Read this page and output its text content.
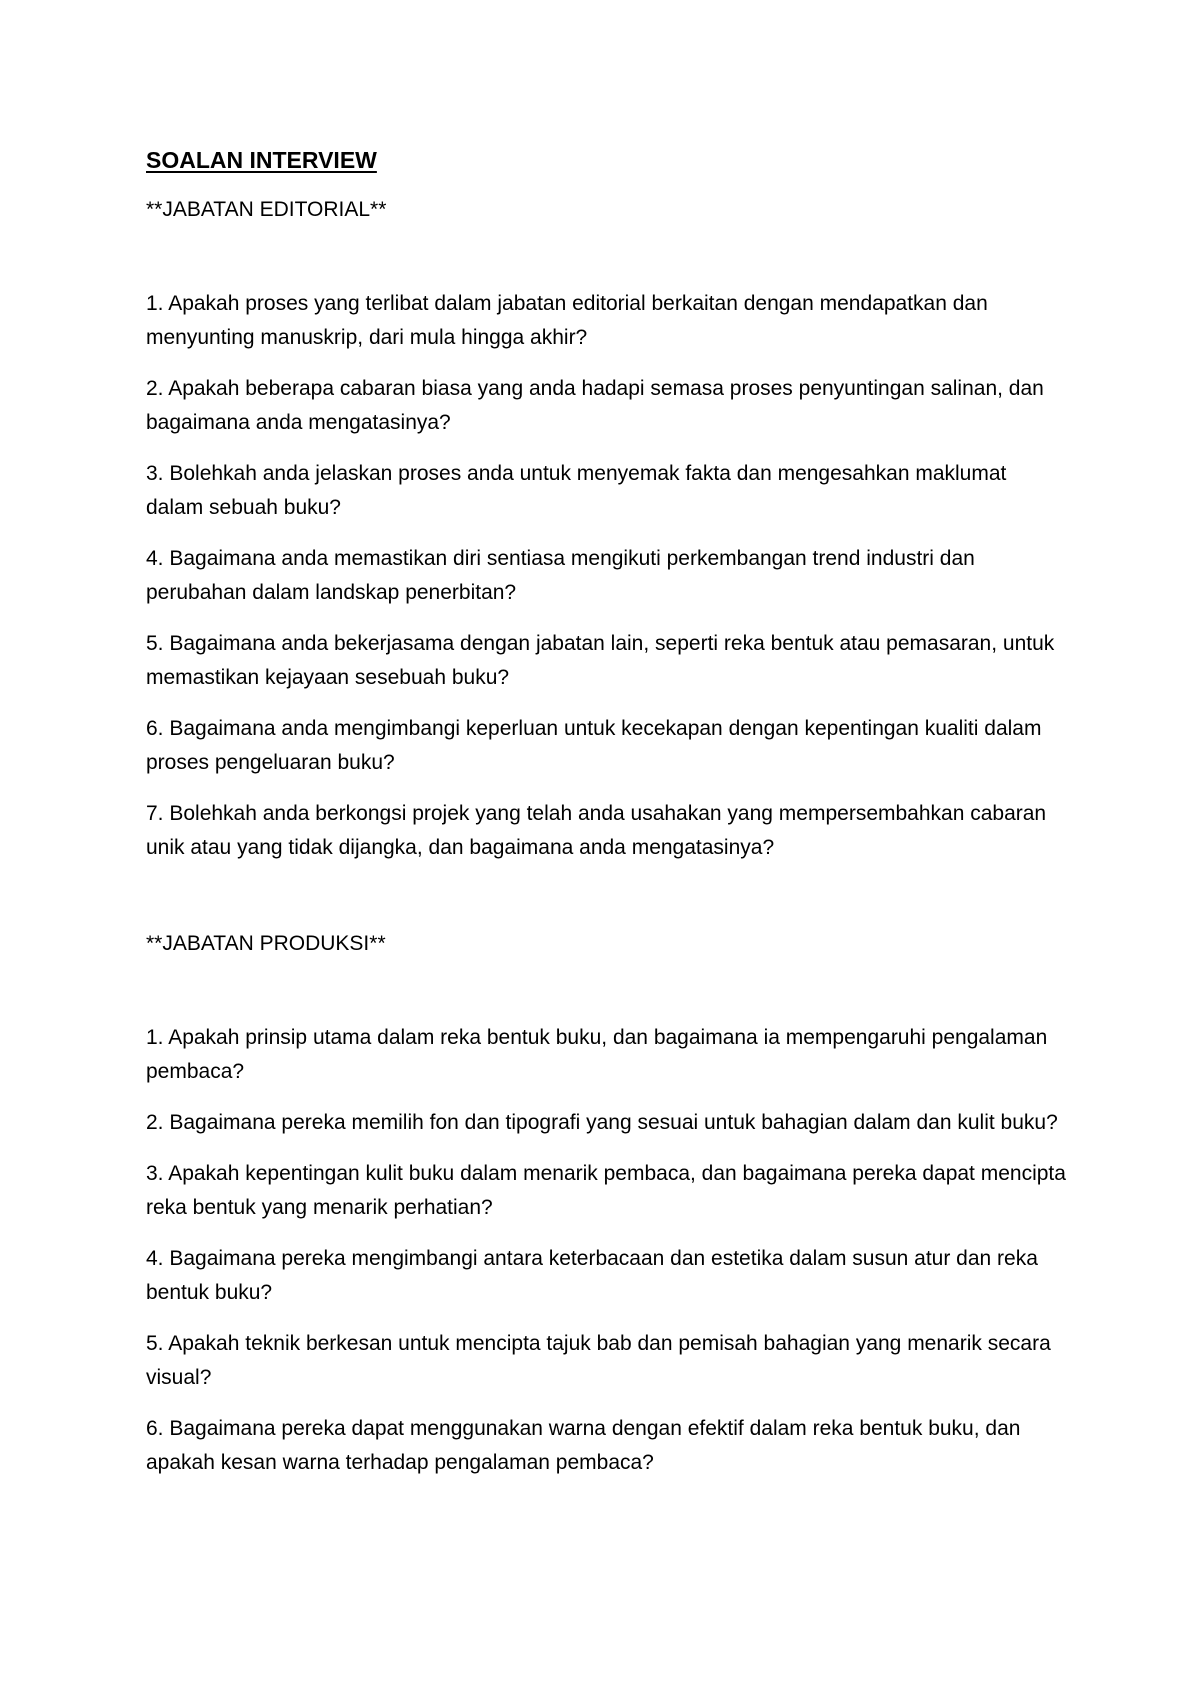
SOALAN INTERVIEW

**JABATAN EDITORIAL**

1. Apakah proses yang terlibat dalam jabatan editorial berkaitan dengan mendapatkan dan menyunting manuskrip, dari mula hingga akhir?

2. Apakah beberapa cabaran biasa yang anda hadapi semasa proses penyuntingan salinan, dan bagaimana anda mengatasinya?

3. Bolehkah anda jelaskan proses anda untuk menyemak fakta dan mengesahkan maklumat dalam sebuah buku?

4. Bagaimana anda memastikan diri sentiasa mengikuti perkembangan trend industri dan perubahan dalam landskap penerbitan?

5. Bagaimana anda bekerjasama dengan jabatan lain, seperti reka bentuk atau pemasaran, untuk memastikan kejayaan sesebuah buku?

6. Bagaimana anda mengimbangi keperluan untuk kecekapan dengan kepentingan kualiti dalam proses pengeluaran buku?

7. Bolehkah anda berkongsi projek yang telah anda usahakan yang mempersembahkan cabaran unik atau yang tidak dijangka, dan bagaimana anda mengatasinya?

**JABATAN PRODUKSI**

1. Apakah prinsip utama dalam reka bentuk buku, dan bagaimana ia mempengaruhi pengalaman pembaca?

2. Bagaimana pereka memilih fon dan tipografi yang sesuai untuk bahagian dalam dan kulit buku?

3. Apakah kepentingan kulit buku dalam menarik pembaca, dan bagaimana pereka dapat mencipta reka bentuk yang menarik perhatian?

4. Bagaimana pereka mengimbangi antara keterbacaan dan estetika dalam susun atur dan reka bentuk buku?

5. Apakah teknik berkesan untuk mencipta tajuk bab dan pemisah bahagian yang menarik secara visual?

6. Bagaimana pereka dapat menggunakan warna dengan efektif dalam reka bentuk buku, dan apakah kesan warna terhadap pengalaman pembaca?
